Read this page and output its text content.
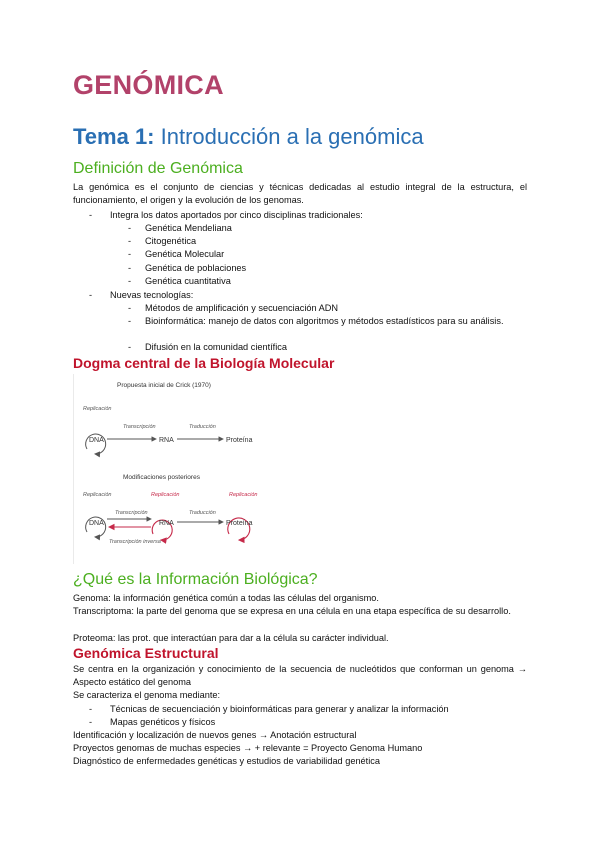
GENÓMICA
Tema 1: Introducción a la genómica
Definición de Genómica
La genómica es el conjunto de ciencias y técnicas dedicadas al estudio integral de la estructura, el funcionamiento, el origen y la evolución de los genomas.
- Integra los datos aportados por cinco disciplinas tradicionales:
- Genética Mendeliana
- Citogenética
- Genética Molecular
- Genética de poblaciones
- Genética cuantitativa
- Nuevas tecnologías:
- Métodos de amplificación y secuenciación ADN
- Bioinformática: manejo de datos con algoritmos y métodos estadísticos para su análisis.
- Difusión en la comunidad científica
Dogma central de la Biología Molecular
Propuesta inicial de Crick (1970)
Replicación
Transcripción	Traducción
DNA	RNA	Proteína
Modificaciones posteriores
Replicación	Replicación	Replicación
Transcripción	Traducción
DNA	RNA	Proteína
Transcripción inversa
¿Qué es la Información Biológica?
Genoma: la información genética común a todas las células del organismo.
Transcriptoma: la parte del genoma que se expresa en una célula en una etapa específica de su desarrollo.
Proteoma: las prot. que interactúan para dar a la célula su carácter individual.
Genómica Estructural
Se centra en la organización y conocimiento de la secuencia de nucleótidos que conforman un genoma → Aspecto estático del genoma
Se caracteriza el genoma mediante:
- Técnicas de secuenciación y bioinformáticas para generar y analizar la información
- Mapas genéticos y físicos
Identificación y localización de nuevos genes → Anotación estructural
Proyectos genomas de muchas especies → + relevante = Proyecto Genoma Humano
Diagnóstico de enfermedades genéticas y estudios de variabilidad genética
